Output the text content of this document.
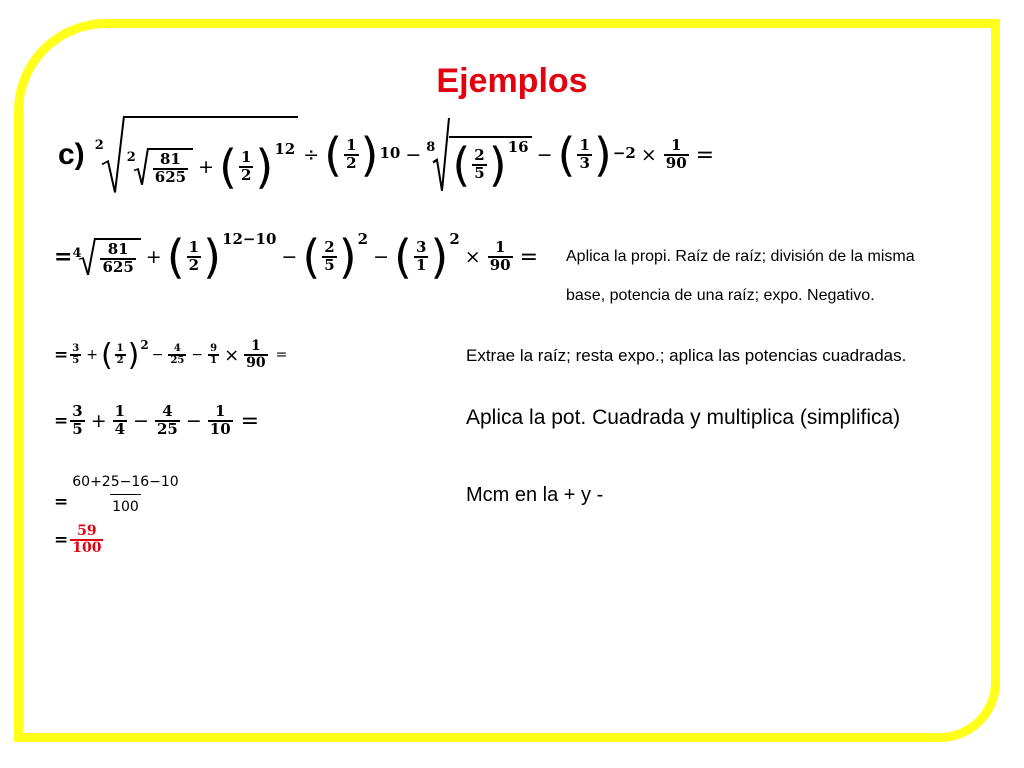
Ejemplos
c) 2
$2 \frac{81}{625}$ + ( $\frac{1}{2}$ ) 12 ÷ ( $\frac{1}{2}$ ) 10 − 8 ( $\frac{2}{5}$ ) 16 − ( $\frac{1}{3}$ ) $-2 \times \frac{1}{90}$ =
= $4 \frac{81}{625}$ + ( $\frac{1}{2}$ ) 12−10
− ( $\frac{2}{5}$ ) 2
− ( $\frac{3}{1}$ ) 2
× $\frac{1}{90}$ = Aplica la propi. Raíz de raíz; división de la misma
base, potencia de una raíz; expo. Negativo.
= $\frac{3}{5}$ + ( $\frac{1}{2}$ ) 2
− $\frac{4}{25} - \frac{9}{1} \times \frac{1}{90}$ =	Extrae la raíz; resta expo.; aplica las potencias cuadradas.
= $\frac{3}{5} + \frac{1}{4} - \frac{4}{25} - \frac{1}{10}$ =	Aplica la pot. Cuadrada y multiplica (simplifica)
= $\frac{60+25-16-10}{100}$	Mcm en la + y -
= $\frac{59}{100}$
